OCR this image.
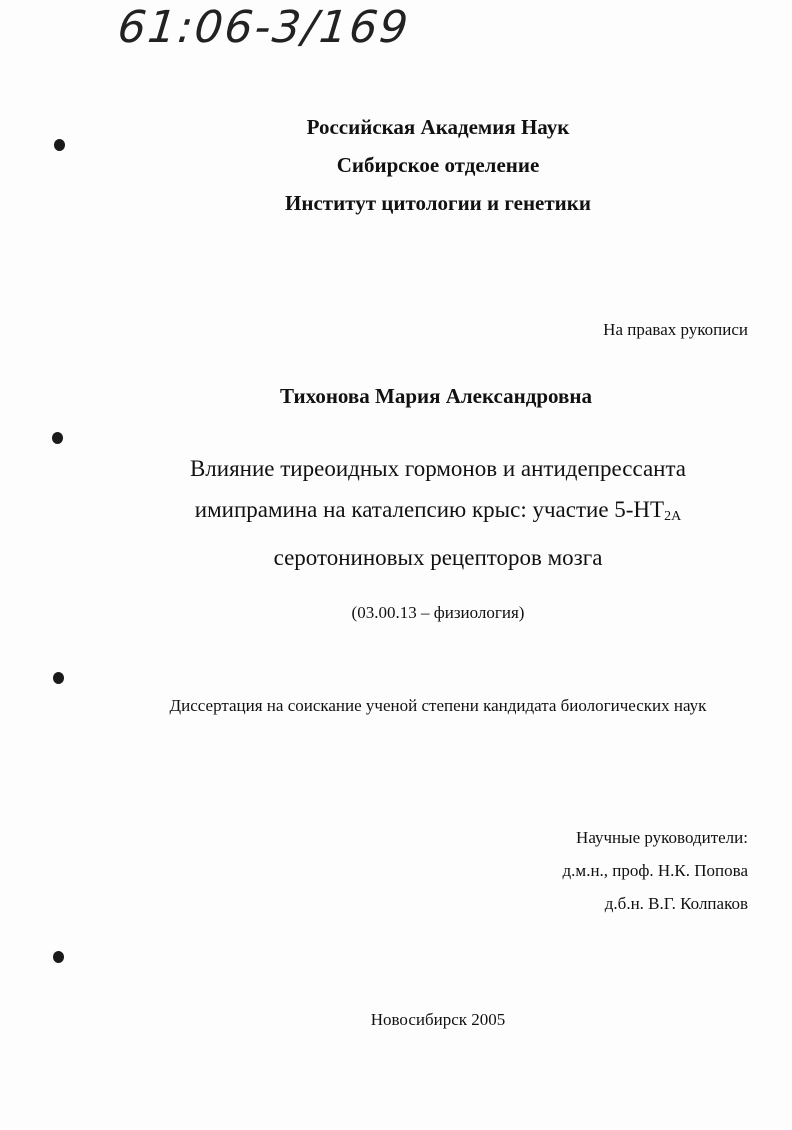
61:06-3/169
Российская Академия Наук
Сибирское отделение
Институт цитологии и генетики
На правах рукописи
Тихонова Мария Александровна
Влияние тиреоидных гормонов и антидепрессанта
имипрамина на каталепсию крыс: участие $5-HT_{2A}$
серотониновых рецепторов мозга
(03.00.13 – физиология)
Диссертация на соискание ученой степени кандидата биологических наук
Научные руководители:
д.м.н., проф. Н.К. Попова
д.б.н. В.Г. Колпаков
Новосибирск 2005
